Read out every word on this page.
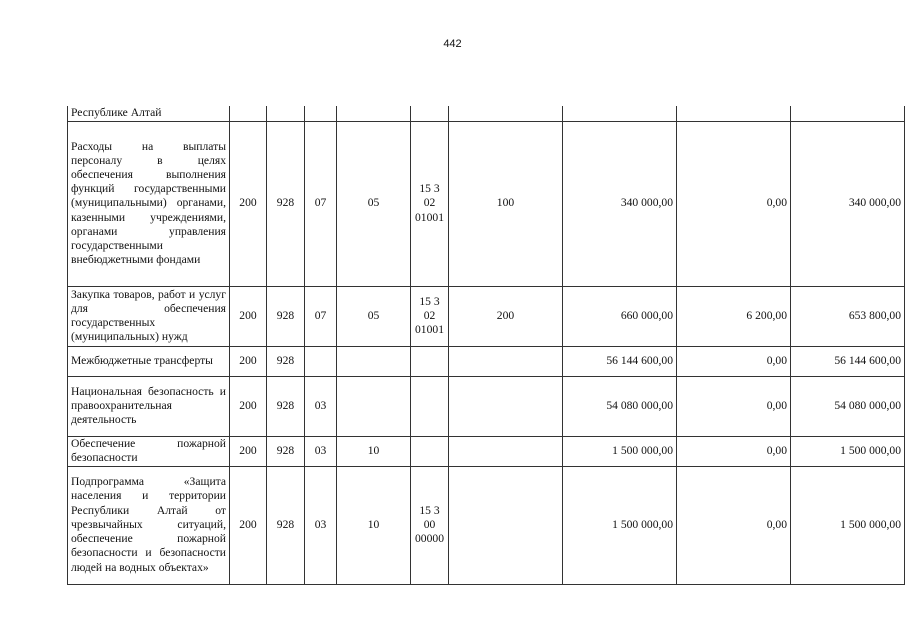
442
Республике Алтай									
Расходы на выплаты персоналу в целях обеспечения выполнения функций государственными (муниципальными) органами, казенными учреждениями, органами управления государственными внебюджетными фондами	200	928	07	05	15 3 02 01001	100	340 000,00	0,00	340 000,00
Закупка товаров, работ и услуг для обеспечения государственных (муниципальных) нужд	200	928	07	05	15 3 02 01001	200	660 000,00	6 200,00	653 800,00
Межбюджетные трансферты	200	928					56 144 600,00	0,00	56 144 600,00
Национальная безопасность и правоохранительная деятельность	200	928	03				54 080 000,00	0,00	54 080 000,00
Обеспечение пожарной безопасности	200	928	03	10			1 500 000,00	0,00	1 500 000,00
Подпрограмма «Защита населения и территории Республики Алтай от чрезвычайных ситуаций, обеспечение пожарной безопасности и безопасности людей на водных объектах»	200	928	03	10	15 3 00 00000		1 500 000,00	0,00	1 500 000,00
